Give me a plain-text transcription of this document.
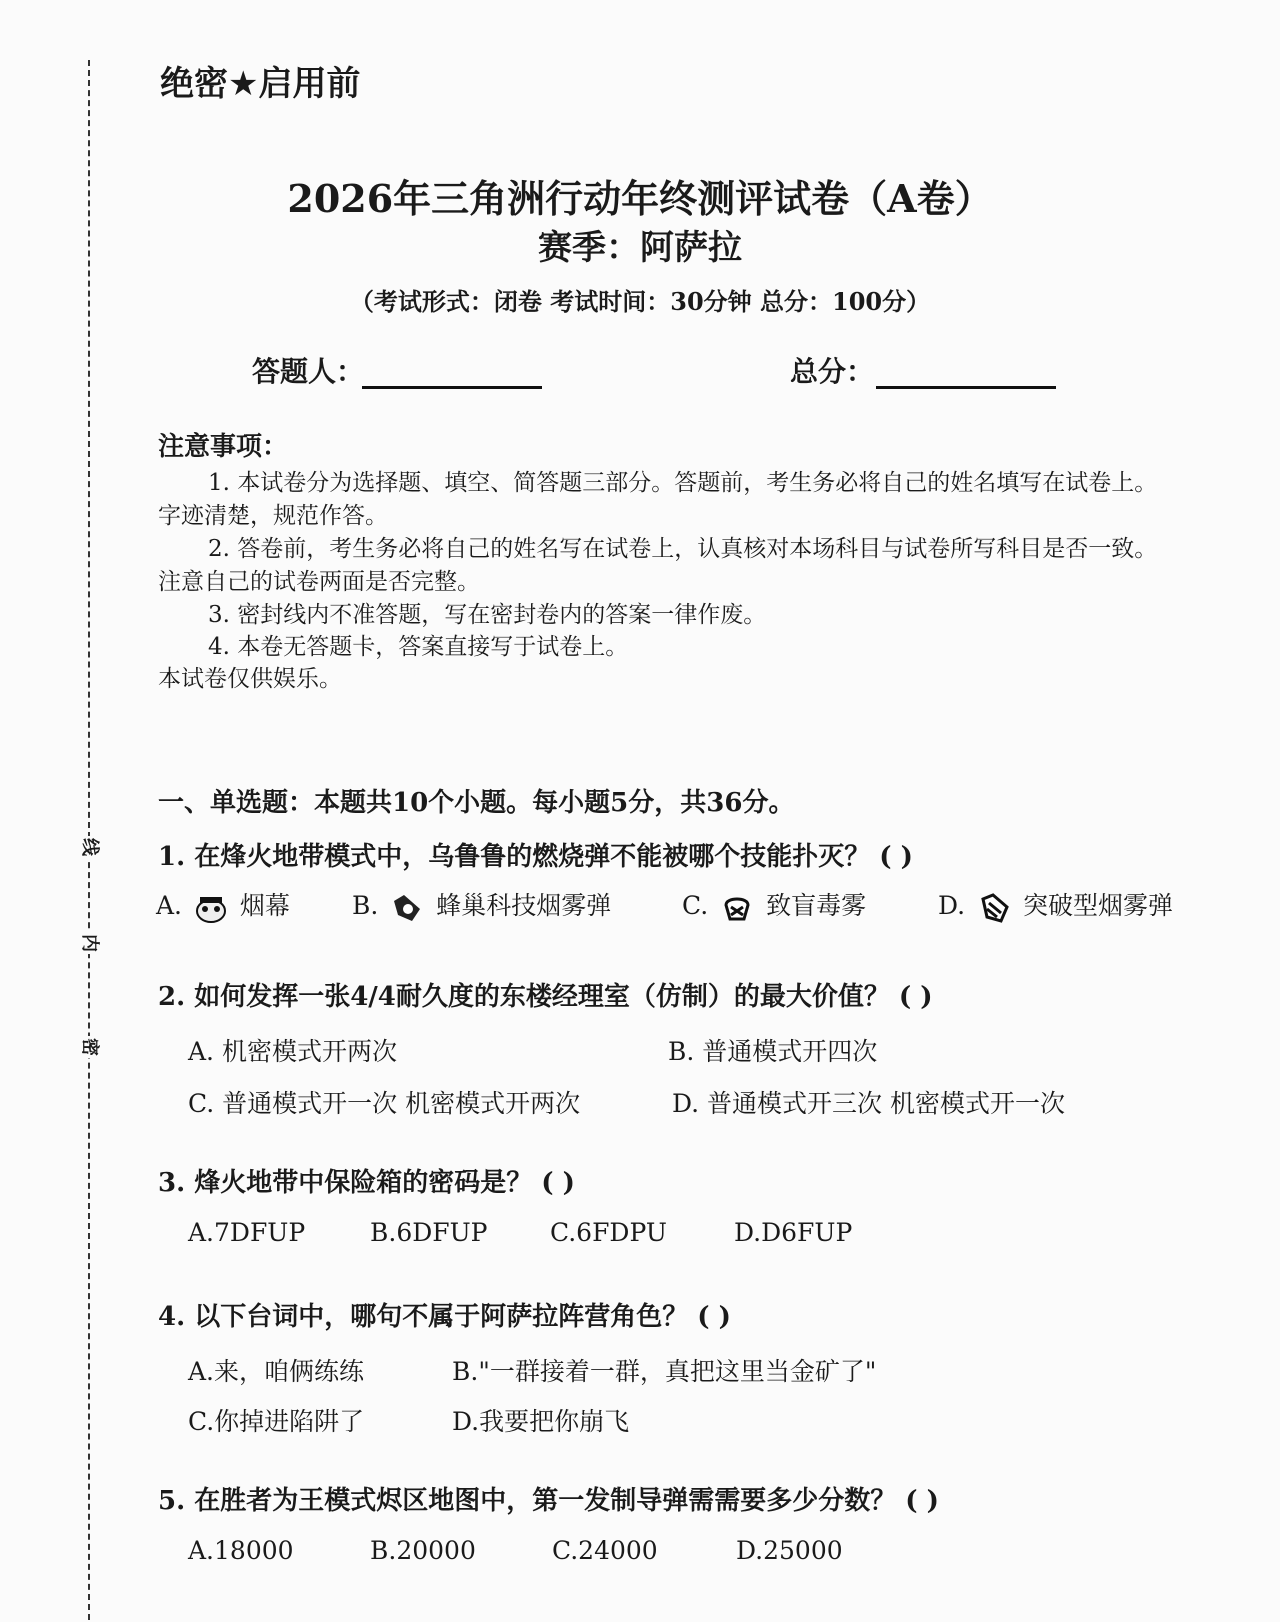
线
内
密
绝密★启用前
2026年三角洲行动年终测评试卷（A卷）
赛季：阿萨拉
（考试形式：闭卷 考试时间：30分钟 总分：100分）
答题人：	总分：
注意事项：
1. 本试卷分为选择题、填空、简答题三部分。答题前，考生务必将自己的姓名填写在试卷上。
字迹清楚，规范作答。
2. 答卷前，考生务必将自己的姓名写在试卷上，认真核对本场科目与试卷所写科目是否一致。
注意自己的试卷两面是否完整。
3. 密封线内不准答题，写在密封卷内的答案一律作废。
4. 本卷无答题卡，答案直接写于试卷上。
本试卷仅供娱乐。
一、单选题：本题共10个小题。每小题5分，共36分。
1. 在烽火地带模式中，乌鲁鲁的燃烧弹不能被哪个技能扑灭？ ( )
A. 烟幕 B. 蜂巢科技烟雾弹	C. 致盲毒雾	D. 突破型烟雾弹
2. 如何发挥一张4/4耐久度的东楼经理室（仿制）的最大价值？ ( )
A. 机密模式开两次	B. 普通模式开四次
C. 普通模式开一次 机密模式开两次	D. 普通模式开三次 机密模式开一次
3. 烽火地带中保险箱的密码是？ ( )
A.7DFUP	B.6DFUP C.6FDPU	D.D6FUP
4. 以下台词中，哪句不属于阿萨拉阵营角色？ ( )
A.来，咱俩练练	B."一群接着一群，真把这里当金矿了"
C.你掉进陷阱了	D.我要把你崩飞
5. 在胜者为王模式烬区地图中，第一发制导弹需需要多少分数？ ( )
A.18000	B.20000	C.24000	D.25000
